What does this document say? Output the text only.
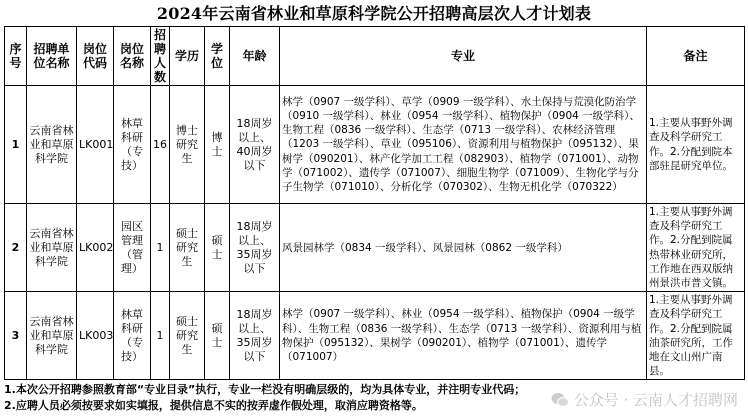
2024年云南省林业和草原科学院公开招聘高层次人才计划表
序号	招聘单位名称	岗位代码	岗位名称	招聘人数	学历	学位	年龄	专业	备注
1	云南省林业和草原科学院	LK001	林草科研（专技）	16	博士研究生	博士	18周岁以上、40周岁以下	林学（0907 一级学科）、草学（0909 一级学科）、水土保持与荒漠化防治学（0910 一级学科）、林业（0954 一级学科）、植物保护（0904 一级学科）、生物工程（0836 一级学科）、生态学（0713 一级学科）、农林经济管理（1203 一级学科）、草业（095106）、资源利用与植物保护（095132）、果树学（090201）、林产化学加工工程（082903）、植物学（071001）、动物学（071002）、遗传学（071007）、细胞生物学（071009）、生物化学与分子生物学（071010）、分析化学（070302）、生物无机化学（070322）	1.主要从事野外调查及科学研究工作。2.分配到院本部驻昆研究单位。
2	云南省林业和草原科学院	LK002	园区管理（管理）	1	硕士研究生	硕士	18周岁以上、35周岁以下	风景园林学（0834 一级学科）、风景园林（0862 一级学科）	1.主要从事野外调查及科学研究工作。2.分配到院属热带林业研究所，工作地在西双版纳州景洪市普文镇。
3	云南省林业和草原科学院	LK003	林草科研（专技）	1	硕士研究生	硕士	18周岁以上、35周岁以下	林学（0907 一级学科）、林业（0954 一级学科）、植物保护（0904 一级学科）、生物工程（0836 一级学科）、生态学（0713 一级学科）、资源利用与植物保护（095132）、果树学（090201）、植物学（071001）、遗传学（071007）	1.主要从事野外调查及科学研究工作。2.分配到院属油茶研究所，工作地在文山州广南县。
1.本次公开招聘参照教育部“专业目录”执行，专业一栏没有明确层级的，均为具体专业，并注明专业代码；
2.应聘人员必须按要求如实填报，提供信息不实的按弄虚作假处理，取消应聘资格等。	公众号 · 云南人才招聘网
